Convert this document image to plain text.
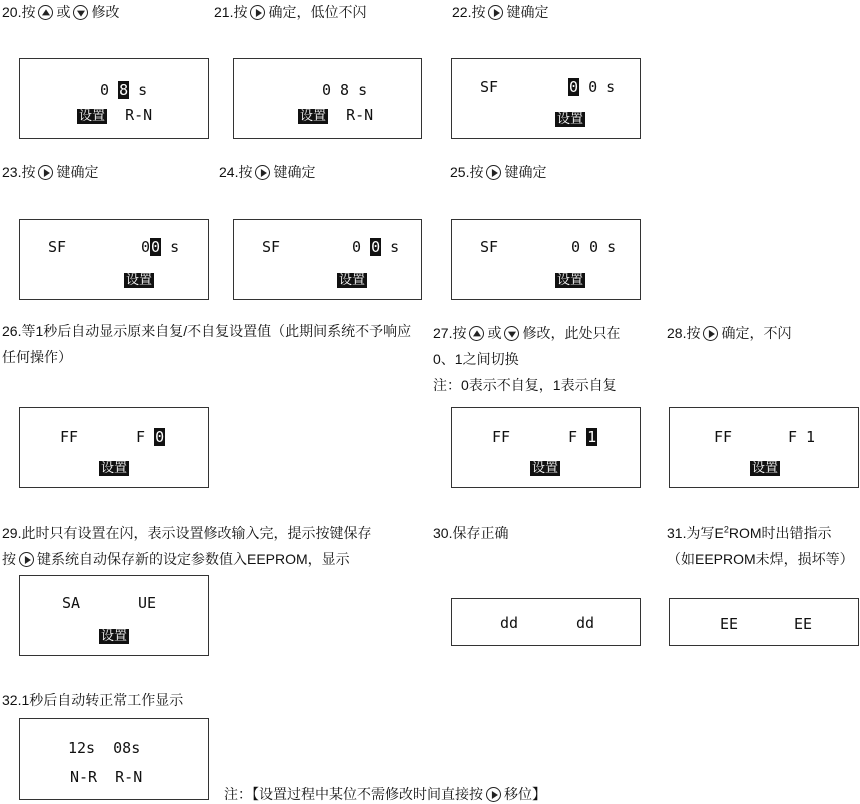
20.按 或 修改
0 8 s
设置 R-N
21.按 确定，低位不闪
0 8 s
设置 R-N
22.按 键确定
SF	0 0 s
设置
23.按 键确定
SF	00 s
设置
24.按 键确定
SF	0 0 s
设置
25.按 键确定
SF	0 0 s
设置
26.等1秒后自动显示原来自复/不自复设置值（此期间系统不予响应任何操作）
FF	F 0
设置
27.按 或 修改，此处只在
0、1之间切换
注：0表示不自复，1表示自复
FF	F 1
设置
28.按 确定，不闪
FF	F 1
设置
29.此时只有设置在闪，表示设置修改输入完，提示按键保存
按 键系统自动保存新的设定参数值入EEPROM，显示
SA	UE
设置
30.保存正确
dd	dd
31.为写$E^2ROM$时出错指示
（如EEPROM未焊，损坏等）
EE	EE
32.1秒后自动转正常工作显示
12s 08s
N-R R-N
注：【设置过程中某位不需修改时间直接按 移位】
